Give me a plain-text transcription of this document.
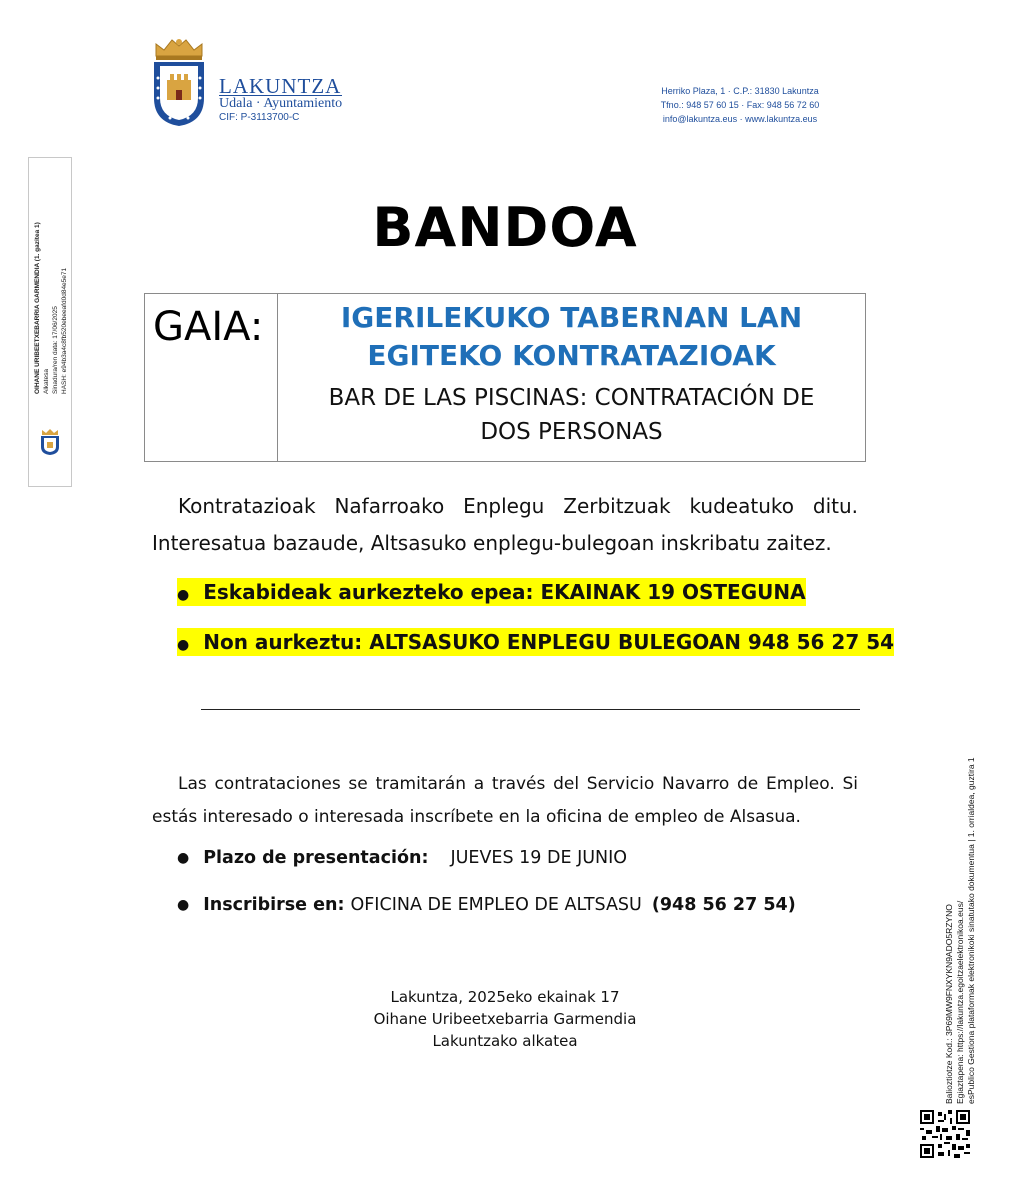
LAKUNTZA
Udala · Ayuntamiento
CIF: P-3113700-C
Herriko Plaza, 1 · C.P.: 31830 Lakuntza
Tfno.: 948 57 60 15 · Fax: 948 56 72 60
info@lakuntza.eus · www.lakuntza.eus
OIHANE URIBEETXEBARRIA GARMENDIA (1. gazitea 1) Alkatesa Sinadura/ren data: 17/06/2025 HASH: e94b3a4c8fb520ebeeafd0d84e5e71
BANDOA
GAIA:	IGERILEKUKO TABERNAN LAN
EGITEKO KONTRATAZIOAK
BAR DE LAS PISCINAS: CONTRATACIÓN DE
DOS PERSONAS
Kontratazioak Nafarroako Enplegu Zerbitzuak kudeatuko ditu. Interesatua bazaude, Altsasuko enplegu-bulegoan inskribatu zaitez.
● Eskabideak aurkezteko epea: EKAINAK 19 OSTEGUNA
● Non aurkeztu: ALTSASUKO ENPLEGU BULEGOAN 948 56 27 54
Las contrataciones se tramitarán a través del Servicio Navarro de Empleo. Si estás interesado o interesada inscríbete en la oficina de empleo de Alsasua.
● Plazo de presentación: JUEVES 19 DE JUNIO
● Inscribirse en: OFICINA DE EMPLEO DE ALTSASU (948 56 27 54)
Lakuntza, 2025eko ekainak 17
Oihane Uribeetxebarria Garmendia
Lakuntzako alkatea	Balioztiotze Kod.: 3P69MW9FNXYKN9ADO5RZYNO Egiaztapena: https://lakuntza.egoitzaelektronikoa.eus/ esPublico Gestiona plataformak elektronikoki sinatutako dokumentua | 1. orrialdea, guztira 1
